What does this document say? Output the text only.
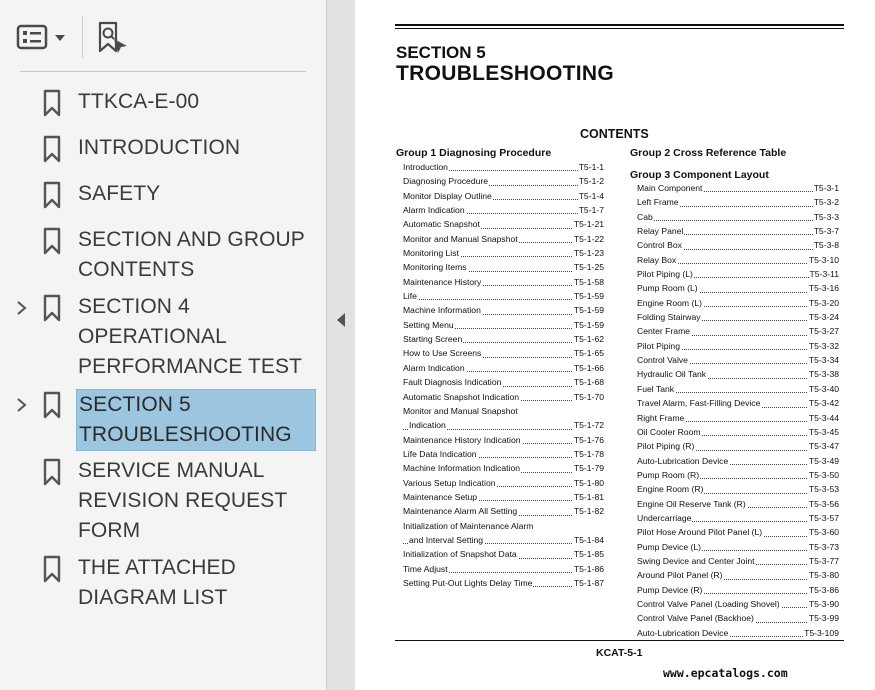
TTKCA-E-00
INTRODUCTION
SAFETY
SECTION AND GROUP
CONTENTS
SECTION 4
OPERATIONAL
PERFORMANCE TEST
SECTION 5
TROUBLESHOOTING
SERVICE MANUAL
REVISION REQUEST
FORM
THE ATTACHED
DIAGRAM LIST
SECTION 5
TROUBLESHOOTING
CONTENTS
Group 1 Diagnosing Procedure
Introduction	T5-1-1
Diagnosing Procedure	T5-1-2
Monitor Display Outline	T5-1-4
Alarm Indication	T5-1-7
Automatic Snapshot	T5-1-21
Monitor and Manual Snapshot	T5-1-22
Monitoring List	T5-1-23
Monitoring Items	T5-1-25
Maintenance History	T5-1-58
Life	T5-1-59
Machine Information	T5-1-59
Setting Menu	T5-1-59
Starting Screen	T5-1-62
How to Use Screens	T5-1-65
Alarm Indication	T5-1-66
Fault Diagnosis Indication	T5-1-68
Automatic Snapshot Indication	T5-1-70
Monitor and Manual Snapshot
Indication	T5-1-72
Maintenance History Indication	T5-1-76
Life Data Indication	T5-1-78
Machine Information Indication	T5-1-79
Various Setup Indication	T5-1-80
Maintenance Setup	T5-1-81
Maintenance Alarm All Setting	T5-1-82
Initialization of Maintenance Alarm
and Interval Setting	T5-1-84
Initialization of Snapshot Data	T5-1-85
Time Adjust	T5-1-86
Setting Put-Out Lights Delay Time	T5-1-87
Group 2 Cross Reference Table
Group 3 Component Layout
Main Component	T5-3-1
Left Frame	T5-3-2
Cab	T5-3-3
Relay Panel	T5-3-7
Control Box	T5-3-8
Relay Box	T5-3-10
Pilot Piping (L)	T5-3-11
Pump Room (L)	T5-3-16
Engine Room (L)	T5-3-20
Folding Stairway	T5-3-24
Center Frame	T5-3-27
Pilot Piping	T5-3-32
Control Valve	T5-3-34
Hydraulic Oil Tank	T5-3-38
Fuel Tank	T5-3-40
Travel Alarm, Fast-Filling Device	T5-3-42
Right Frame	T5-3-44
Oil Cooler Room	T5-3-45
Pilot Piping (R)	T5-3-47
Auto-Lubrication Device	T5-3-49
Pump Room (R)	T5-3-50
Engine Room (R)	T5-3-53
Engine Oil Reserve Tank (R)	T5-3-56
Undercarriage	T5-3-57
Pilot Hose Around Pilot Panel (L)	T5-3-60
Pump Device (L)	T5-3-73
Swing Device and Center Joint	T5-3-77
Around Pilot Panel (R)	T5-3-80
Pump Device (R)	T5-3-86
Control Valve Panel (Loading Shovel)	T5-3-90
Control Valve Panel (Backhoe)	T5-3-99
Auto-Lubrication Device	T5-3-109
KCAT-5-1
www.epcatalogs.com
